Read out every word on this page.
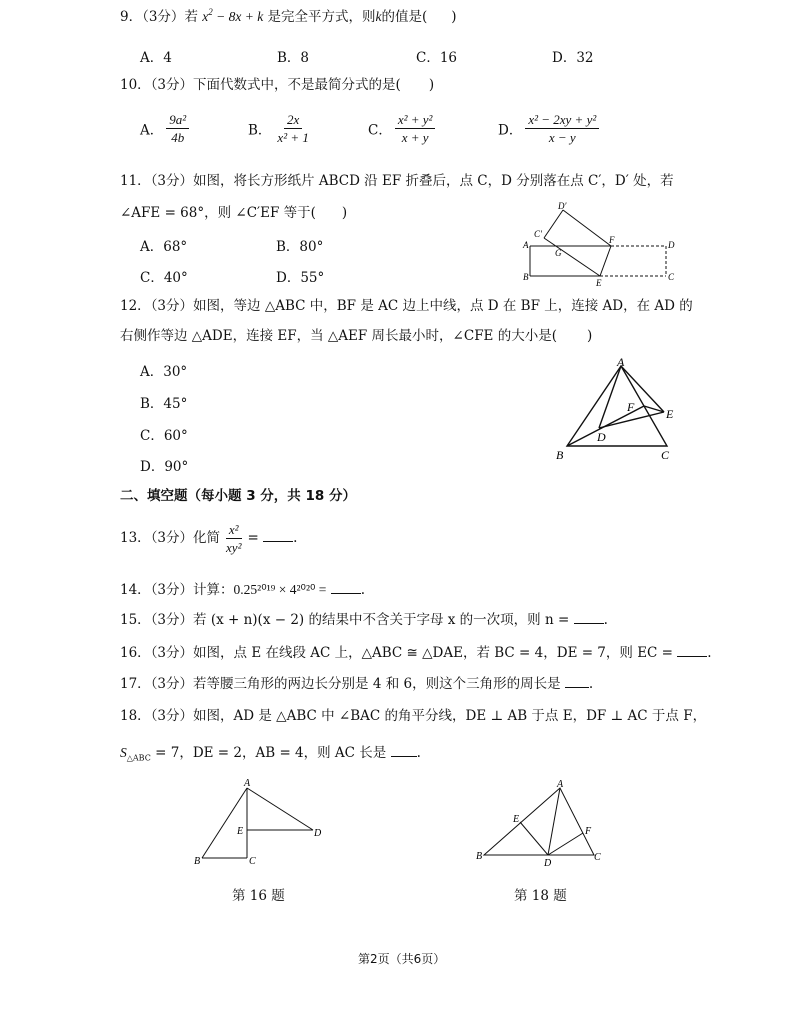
9．（3分）若 $x^2 - 8x + k$ 是完全平方式，则k的值是( )
A．4	B．8	C．16	D．32
10．（3分）下面代数式中，不是最简分式的是( )
A． $\frac{\text{9a²}}{4b}$	B． $\frac{2x}{\text{x² + 1}}$	C． $\frac{\text{x² + y²}}{x + y}$	D． $\frac{\text{x² − 2xy + y²}}{x - y}$
11．（3分）如图，将长方形纸片 ABCD 沿 EF 折叠后，点 C，D 分别落在点 C′，D′ 处，若
∠AFE = 68°，则 ∠C′EF 等于( )
A．68°	B．80°
C．40°	D．55°
A
B	C
D
E
F
G
C′
D′
12．（3分）如图，等边 △ABC 中，BF 是 AC 边上中线，点 D 在 BF 上，连接 AD，在 AD 的
右侧作等边 △ADE，连接 EF，当 △AEF 周长最小时，∠CFE 的大小是( )
A．30°
B．45°
C．60°
D．90°
A
B	C
D
E
F
二、填空题（每小题 3 分，共 18 分）
13．（3分）化简 $\frac{\text{x²}}{\text{xy²}}$ =	.
14．（3分）计算：0.25²⁰¹⁹ × 4²⁰²⁰ =	.
15．（3分）若 (x + n)(x − 2) 的结果中不含关于字母 x 的一次项，则 n =	.
16．（3分）如图，点 E 在线段 AC 上，△ABC ≅ △DAE，若 BC = 4，DE = 7，则 EC =	.
17．（3分）若等腰三角形的两边长分别是 4 和 6，则这个三角形的周长是 .
18．（3分）如图，AD 是 △ABC 中 ∠BAC 的角平分线，DE ⊥ AB 于点 E，DF ⊥ AC 于点 F，
$S_{\triangle ABC} = 7$，DE = 2，AB = 4，则 AC 长是 .
A
B	C
D
E
第 16 题
A
B	C
D
E
F
第 18 题
第2页（共6页）
